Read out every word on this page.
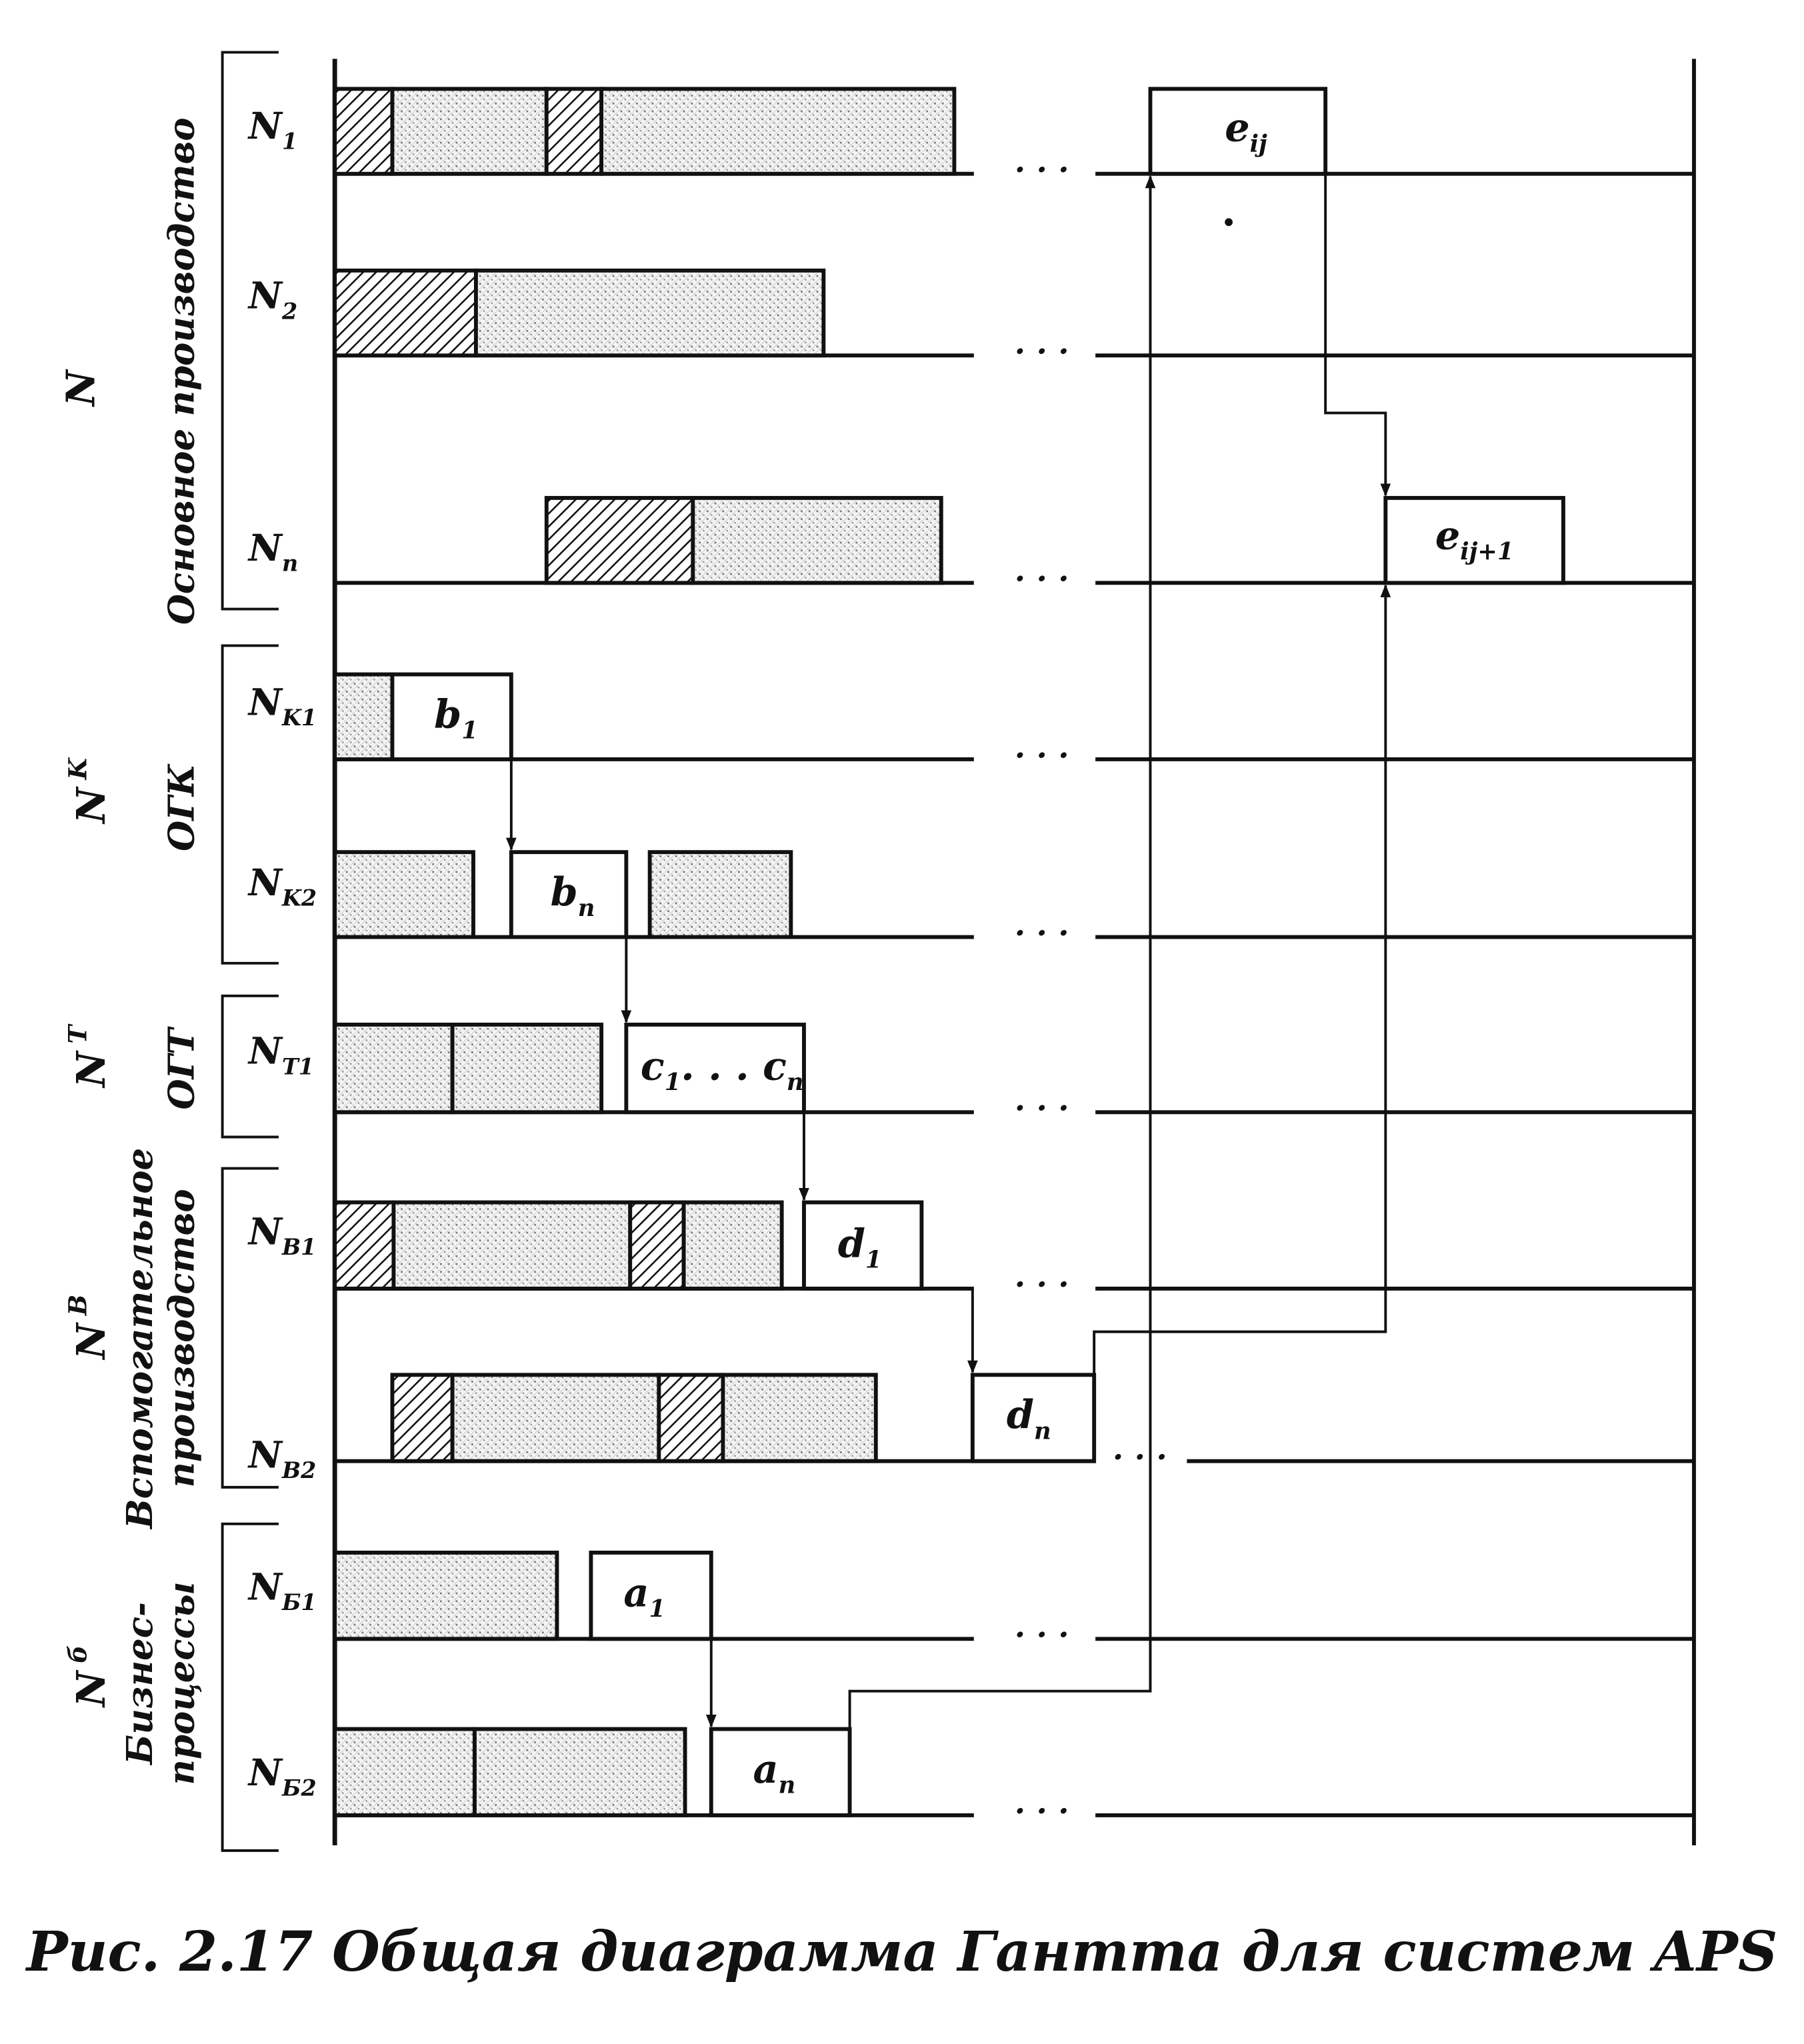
N	Основное производство
$N^K$	ОГК
$N^T$	ОГТ
$N^B$	Вспомогательное производство
$N^б$	Бизнес- процессы
$N_1$
$N_2$
$N_n$
$N_{K1}$
$N_{K2}$
$N_{T1}$
$N_{B1}$
$N_{B2}$
$N_{Б1}$
$N_{Б2}$
· · ·
· · ·
· · ·
· · ·
· · ·
· · ·
· · ·
· · ·
· · ·
· · ·
$b_1$
$b_n$
$c_1$. . . $c_n$
$d_1$
$d_n$
$a_1$
$a_n$
$e_{ij}$
$e_{ij+1}$
Рис. 2.17 Общая диаграмма Гантта для систем APS
